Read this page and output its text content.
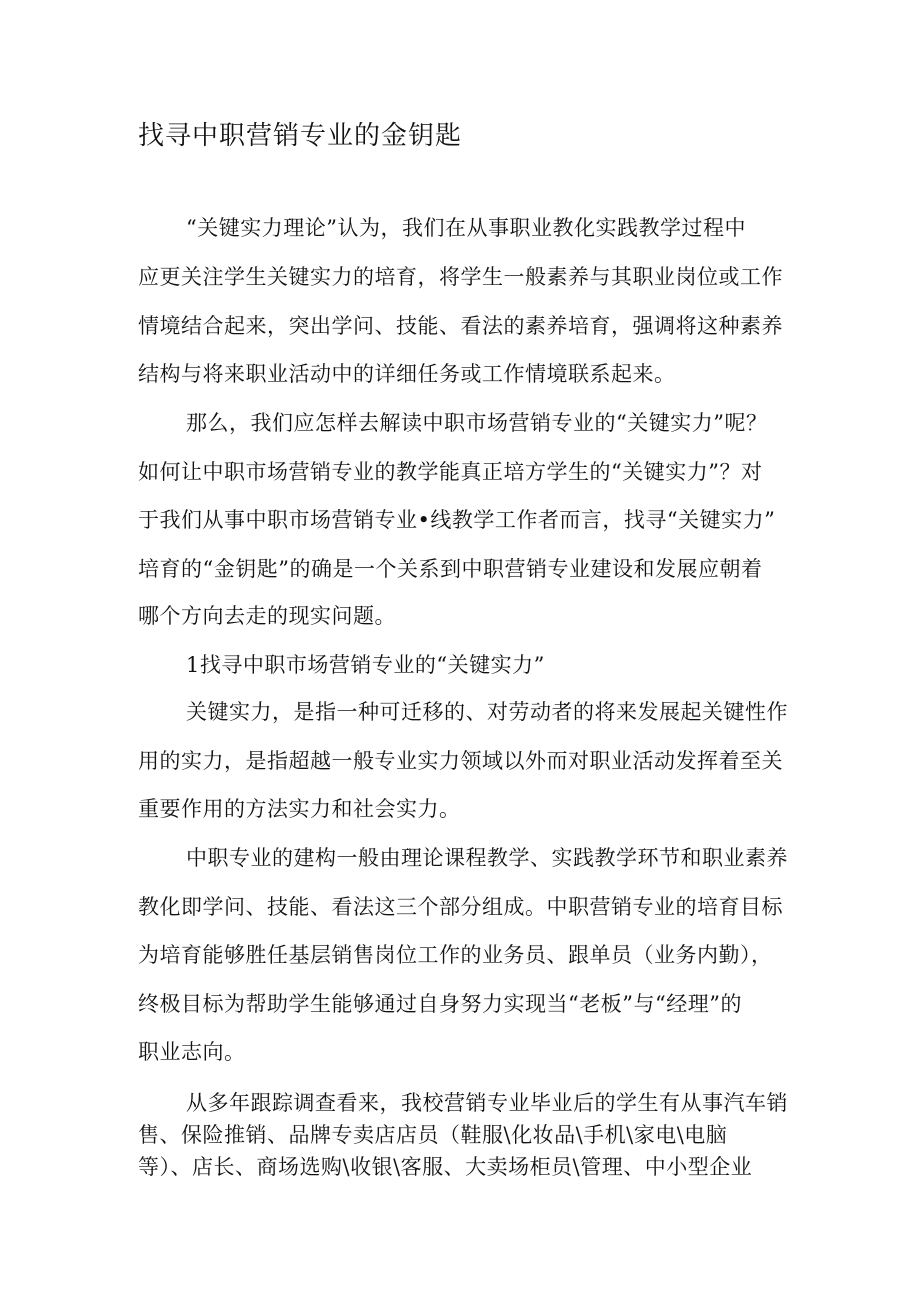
找寻中职营销专业的金钥匙

“关键实力理论”认为，我们在从事职业教化实践教学过程中

应更关注学生关键实力的培育，将学生一般素养与其职业岗位或工作

情境结合起来，突出学问、技能、看法的素养培育，强调将这种素养

结构与将来职业活动中的详细任务或工作情境联系起来。

那么，我们应怎样去解读中职市场营销专业的“关键实力”呢？

如何让中职市场营销专业的教学能真正培方学生的“关键实力”？对

于我们从事中职市场营销专业•线教学工作者而言，找寻“关键实力”

培育的“金钥匙”的确是一个关系到中职营销专业建设和发展应朝着

哪个方向去走的现实问题。

1找寻中职市场营销专业的“关键实力”

关键实力，是指一种可迁移的、对劳动者的将来发展起关键性作

用的实力，是指超越一般专业实力领域以外而对职业活动发挥着至关

重要作用的方法实力和社会实力。

中职专业的建构一般由理论课程教学、实践教学环节和职业素养

教化即学问、技能、看法这三个部分组成。中职营销专业的培育目标

为培育能够胜任基层销售岗位工作的业务员、跟单员（业务内勤），

终极目标为帮助学生能够通过自身努力实现当“老板”与“经理”的

职业志向。

从多年跟踪调查看来，我校营销专业毕业后的学生有从事汽车销

售、保险推销、品牌专卖店店员（鞋服\化妆品\手机\家电\电脑

等）、店长、商场选购\收银\客服、大卖场柜员\管理、中小型企业
